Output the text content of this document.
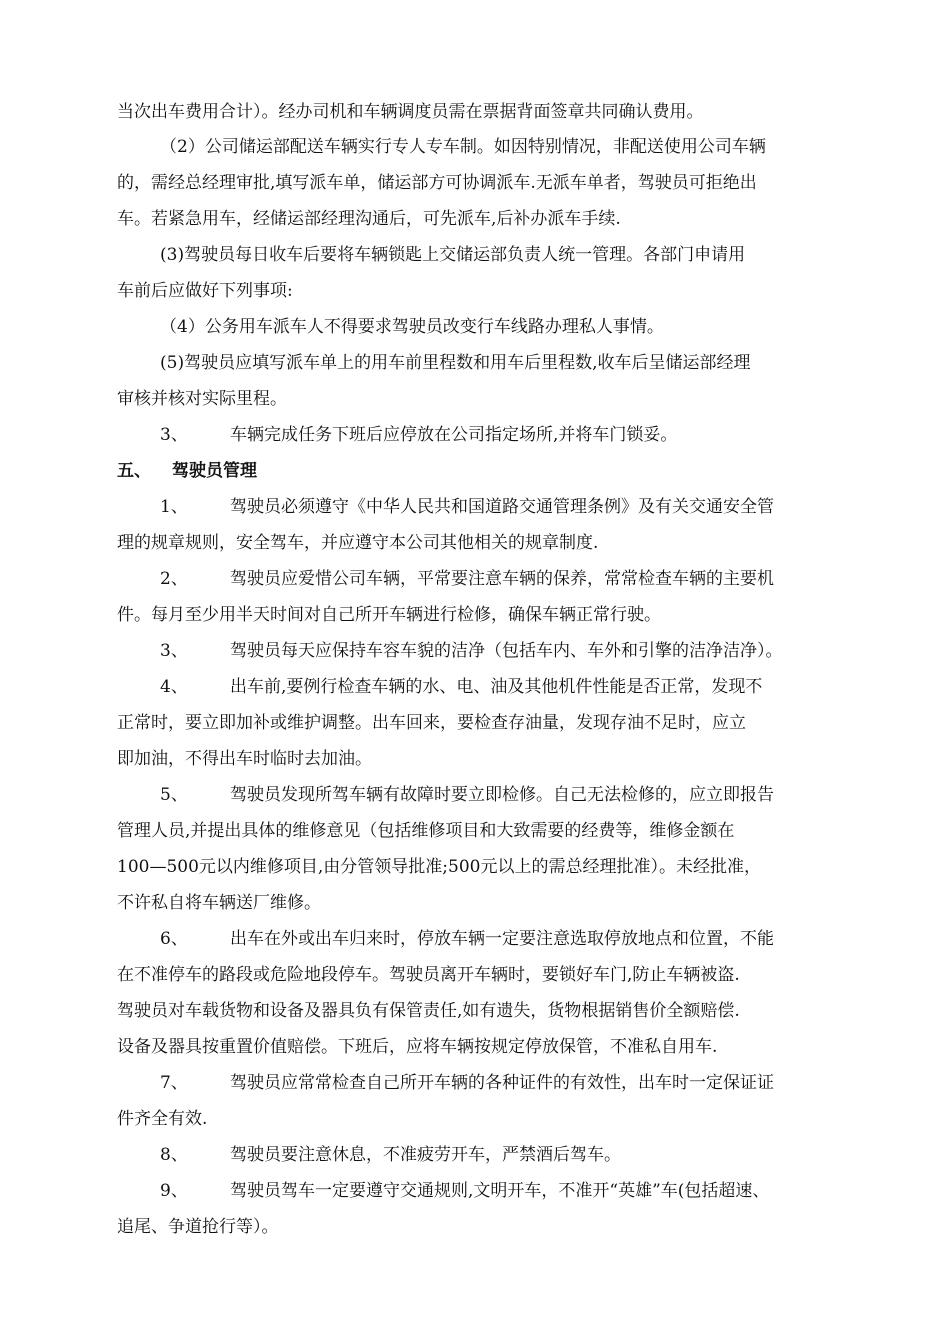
当次出车费用合计）。经办司机和车辆调度员需在票据背面签章共同确认费用。
（2）公司储运部配送车辆实行专人专车制。如因特别情况，非配送使用公司车辆
的，需经总经理审批,填写派车单，储运部方可协调派车.无派车单者，驾驶员可拒绝出
车。若紧急用车，经储运部经理沟通后，可先派车,后补办派车手续.
(3)驾驶员每日收车后要将车辆锁匙上交储运部负责人统一管理。各部门申请用
车前后应做好下列事项:
（4）公务用车派车人不得要求驾驶员改变行车线路办理私人事情。
(5)驾驶员应填写派车单上的用车前里程数和用车后里程数,收车后呈储运部经理
审核并核对实际里程。
3、 车辆完成任务下班后应停放在公司指定场所,并将车门锁妥。
五、 驾驶员管理
1、 驾驶员必须遵守《中华人民共和国道路交通管理条例》及有关交通安全管
理的规章规则，安全驾车，并应遵守本公司其他相关的规章制度.
2、 驾驶员应爱惜公司车辆，平常要注意车辆的保养，常常检查车辆的主要机
件。每月至少用半天时间对自己所开车辆进行检修，确保车辆正常行驶。
3、 驾驶员每天应保持车容车貌的洁净（包括车内、车外和引擎的洁净洁净）。
4、 出车前,要例行检查车辆的水、电、油及其他机件性能是否正常，发现不
正常时，要立即加补或维护调整。出车回来，要检查存油量，发现存油不足时，应立
即加油，不得出车时临时去加油。
5、 驾驶员发现所驾车辆有故障时要立即检修。自己无法检修的，应立即报告
管理人员,并提出具体的维修意见（包括维修项目和大致需要的经费等，维修金额在
100—500元以内维修项目,由分管领导批准;500元以上的需总经理批准）。未经批准，
不许私自将车辆送厂维修。
6、 出车在外或出车归来时，停放车辆一定要注意选取停放地点和位置，不能
在不准停车的路段或危险地段停车。驾驶员离开车辆时，要锁好车门,防止车辆被盗.
驾驶员对车载货物和设备及器具负有保管责任,如有遗失，货物根据销售价全额赔偿.
设备及器具按重置价值赔偿。下班后，应将车辆按规定停放保管，不准私自用车.
7、 驾驶员应常常检查自己所开车辆的各种证件的有效性，出车时一定保证证
件齐全有效.
8、 驾驶员要注意休息，不准疲劳开车，严禁酒后驾车。
9、 驾驶员驾车一定要遵守交通规则,文明开车，不准开“英雄”车(包括超速、
追尾、争道抢行等）。
